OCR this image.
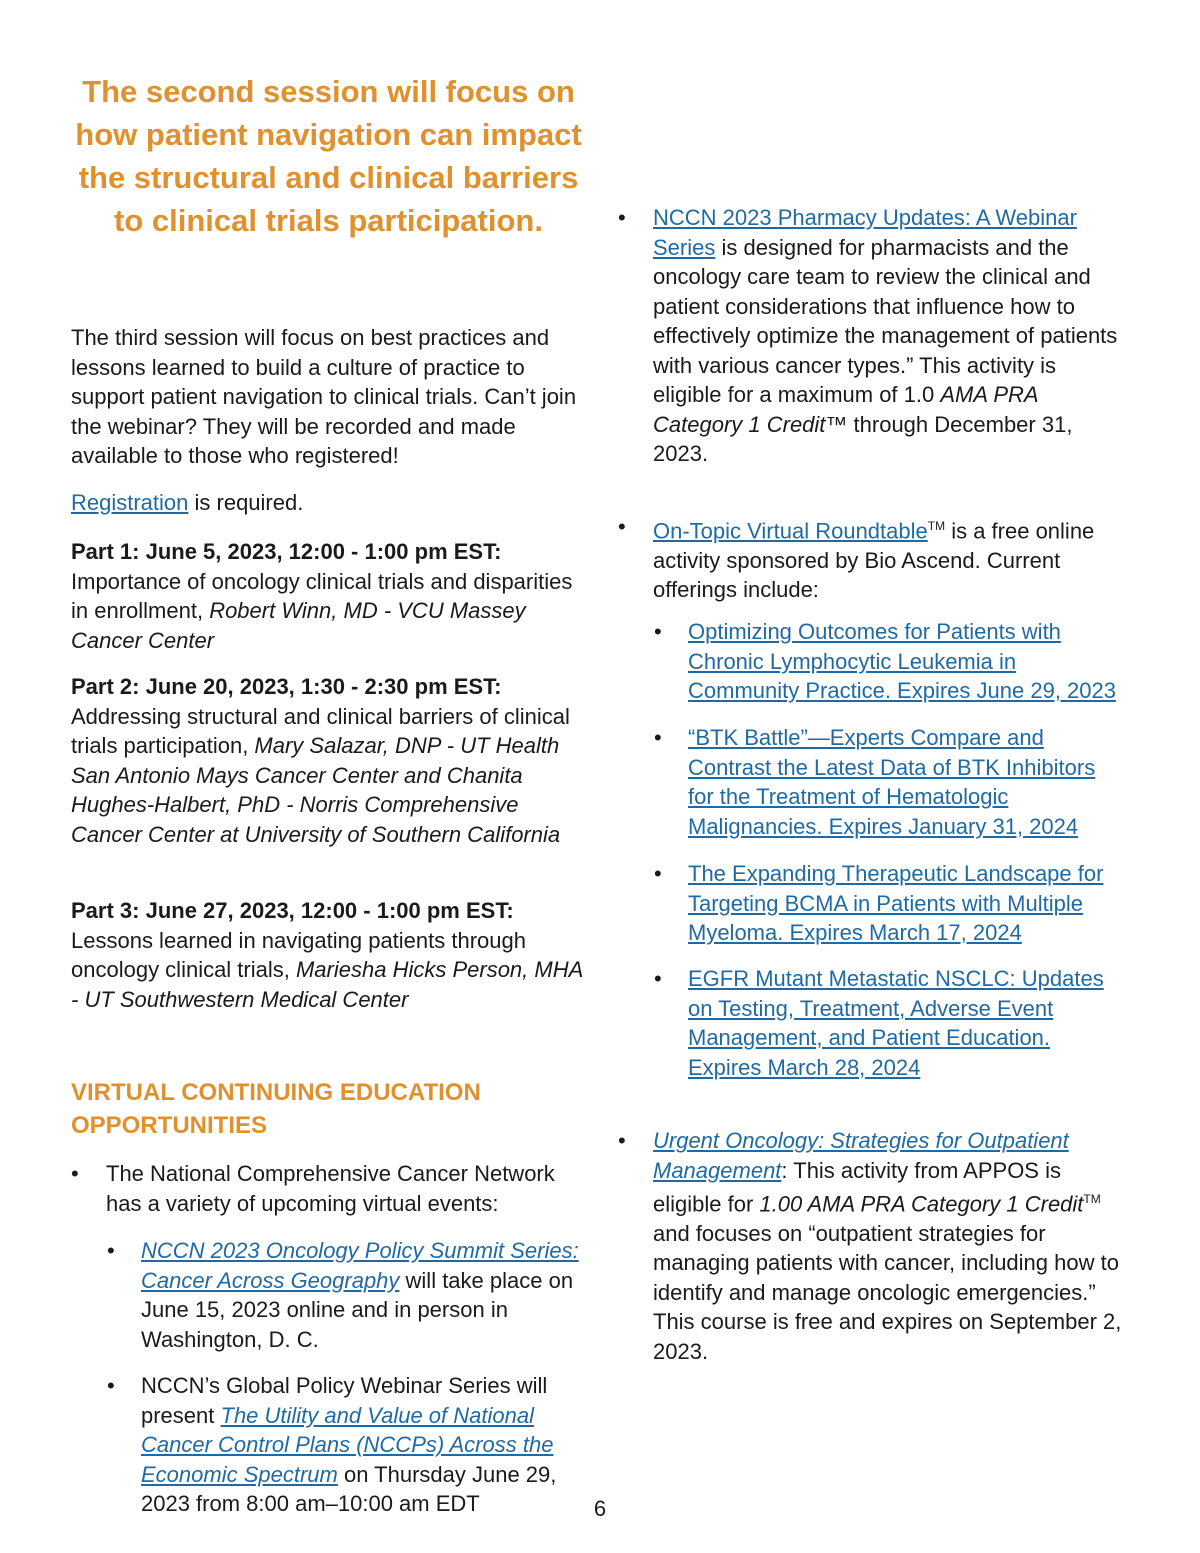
The second session will focus on how patient navigation can impact the structural and clinical barriers to clinical trials participation.

The third session will focus on best practices and lessons learned to build a culture of practice to support patient navigation to clinical trials. Can’t join the webinar? They will be recorded and made available to those who registered!

Registration is required.

Part 1: June 5, 2023, 12:00 - 1:00 pm EST:
Importance of oncology clinical trials and disparities in enrollment, Robert Winn, MD - VCU Massey Cancer Center

Part 2: June 20, 2023, 1:30 - 2:30 pm EST:
Addressing structural and clinical barriers of clinical trials participation, Mary Salazar, DNP - UT Health San Antonio Mays Cancer Center and Chanita Hughes-Halbert, PhD - Norris Comprehensive Cancer Center at University of Southern California

Part 3: June 27, 2023, 12:00 - 1:00 pm EST:
Lessons learned in navigating patients through oncology clinical trials, Mariesha Hicks Person, MHA - UT Southwestern Medical Center

VIRTUAL CONTINUING EDUCATION OPPORTUNITIES
• The National Comprehensive Cancer Network has a variety of upcoming virtual events:

• NCCN 2023 Oncology Policy Summit Series: Cancer Across Geography will take place on June 15, 2023 online and in person in Washington, D. C.

• NCCN’s Global Policy Webinar Series will present The Utility and Value of National Cancer Control Plans (NCCPs) Across the Economic Spectrum on Thursday June 29, 2023 from 8:00 am–10:00 am EDT

• NCCN 2023 Pharmacy Updates: A Webinar Series is designed for pharmacists and the oncology care team to review the clinical and patient considerations that influence how to effectively optimize the management of patients with various cancer types.” This activity is eligible for a maximum of 1.0 AMA PRA Category 1 Credit™ through December 31, 2023.

• On-Topic Virtual Roundtable™ is a free online activity sponsored by Bio Ascend. Current offerings include:

• Optimizing Outcomes for Patients with Chronic Lymphocytic Leukemia in Community Practice. Expires June 29, 2023

• “BTK Battle”—Experts Compare and Contrast the Latest Data of BTK Inhibitors for the Treatment of Hematologic Malignancies. Expires January 31, 2024

• The Expanding Therapeutic Landscape for Targeting BCMA in Patients with Multiple Myeloma. Expires March 17, 2024

• EGFR Mutant Metastatic NSCLC: Updates on Testing, Treatment, Adverse Event Management, and Patient Education. Expires March 28, 2024

• Urgent Oncology: Strategies for Outpatient Management: This activity from APPOS is eligible for 1.00 AMA PRA Category 1 Credit™ and focuses on “outpatient strategies for managing patients with cancer, including how to identify and manage oncologic emergencies.” This course is free and expires on September 2, 2023.

6
